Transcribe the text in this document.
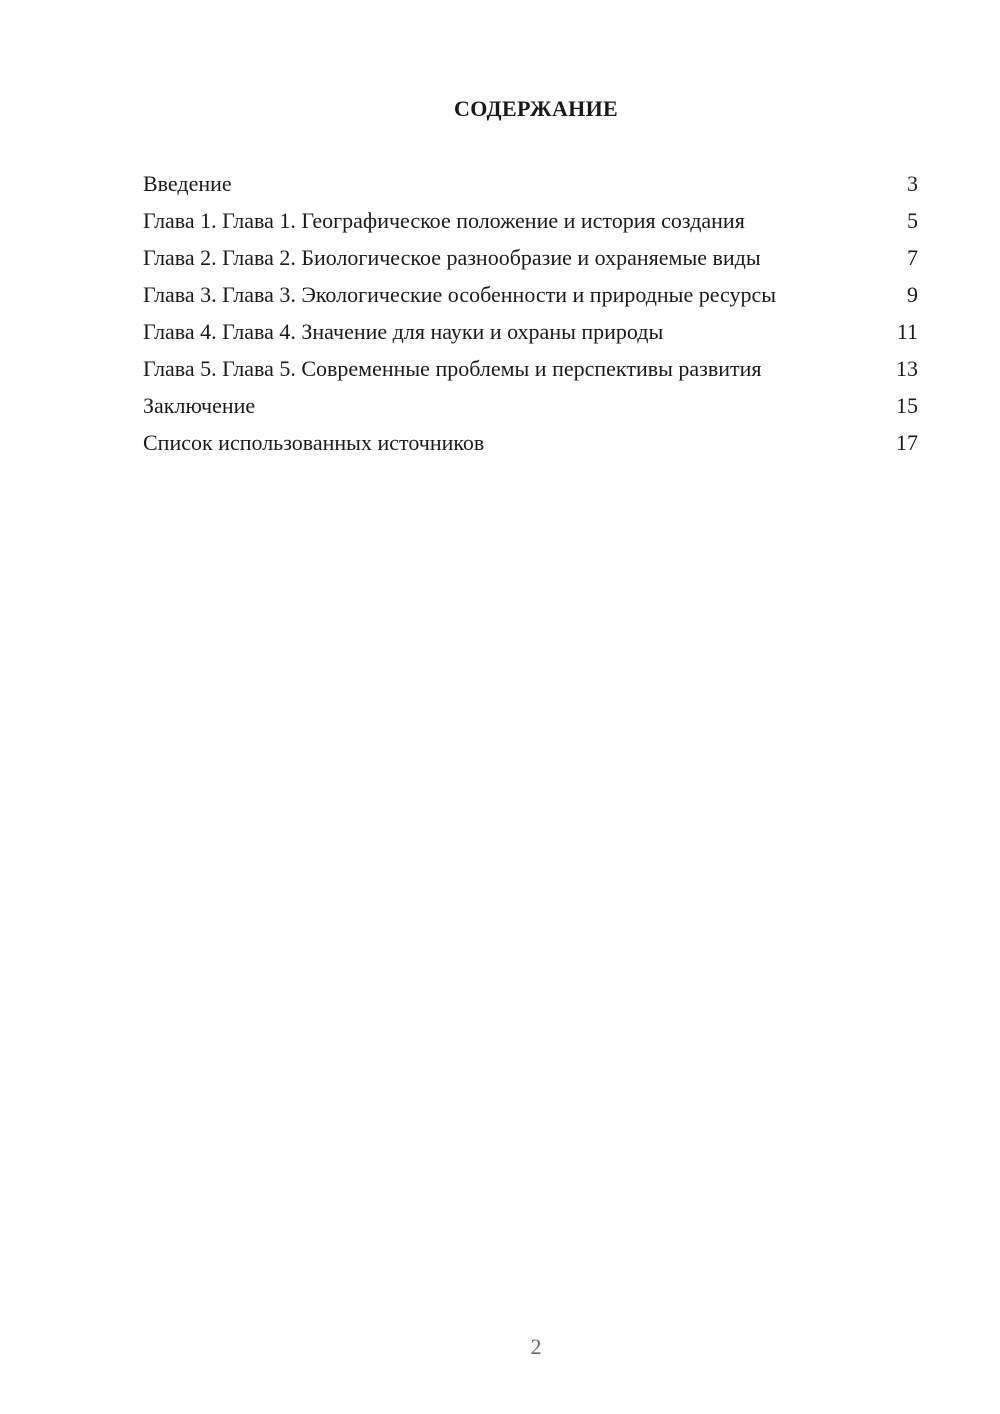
СОДЕРЖАНИЕ
Введение	3
Глава 1. Глава 1. Географическое положение и история создания	5
Глава 2. Глава 2. Биологическое разнообразие и охраняемые виды	7
Глава 3. Глава 3. Экологические особенности и природные ресурсы	9
Глава 4. Глава 4. Значение для науки и охраны природы	11
Глава 5. Глава 5. Современные проблемы и перспективы развития	13
Заключение	15
Список использованных источников	17
2
